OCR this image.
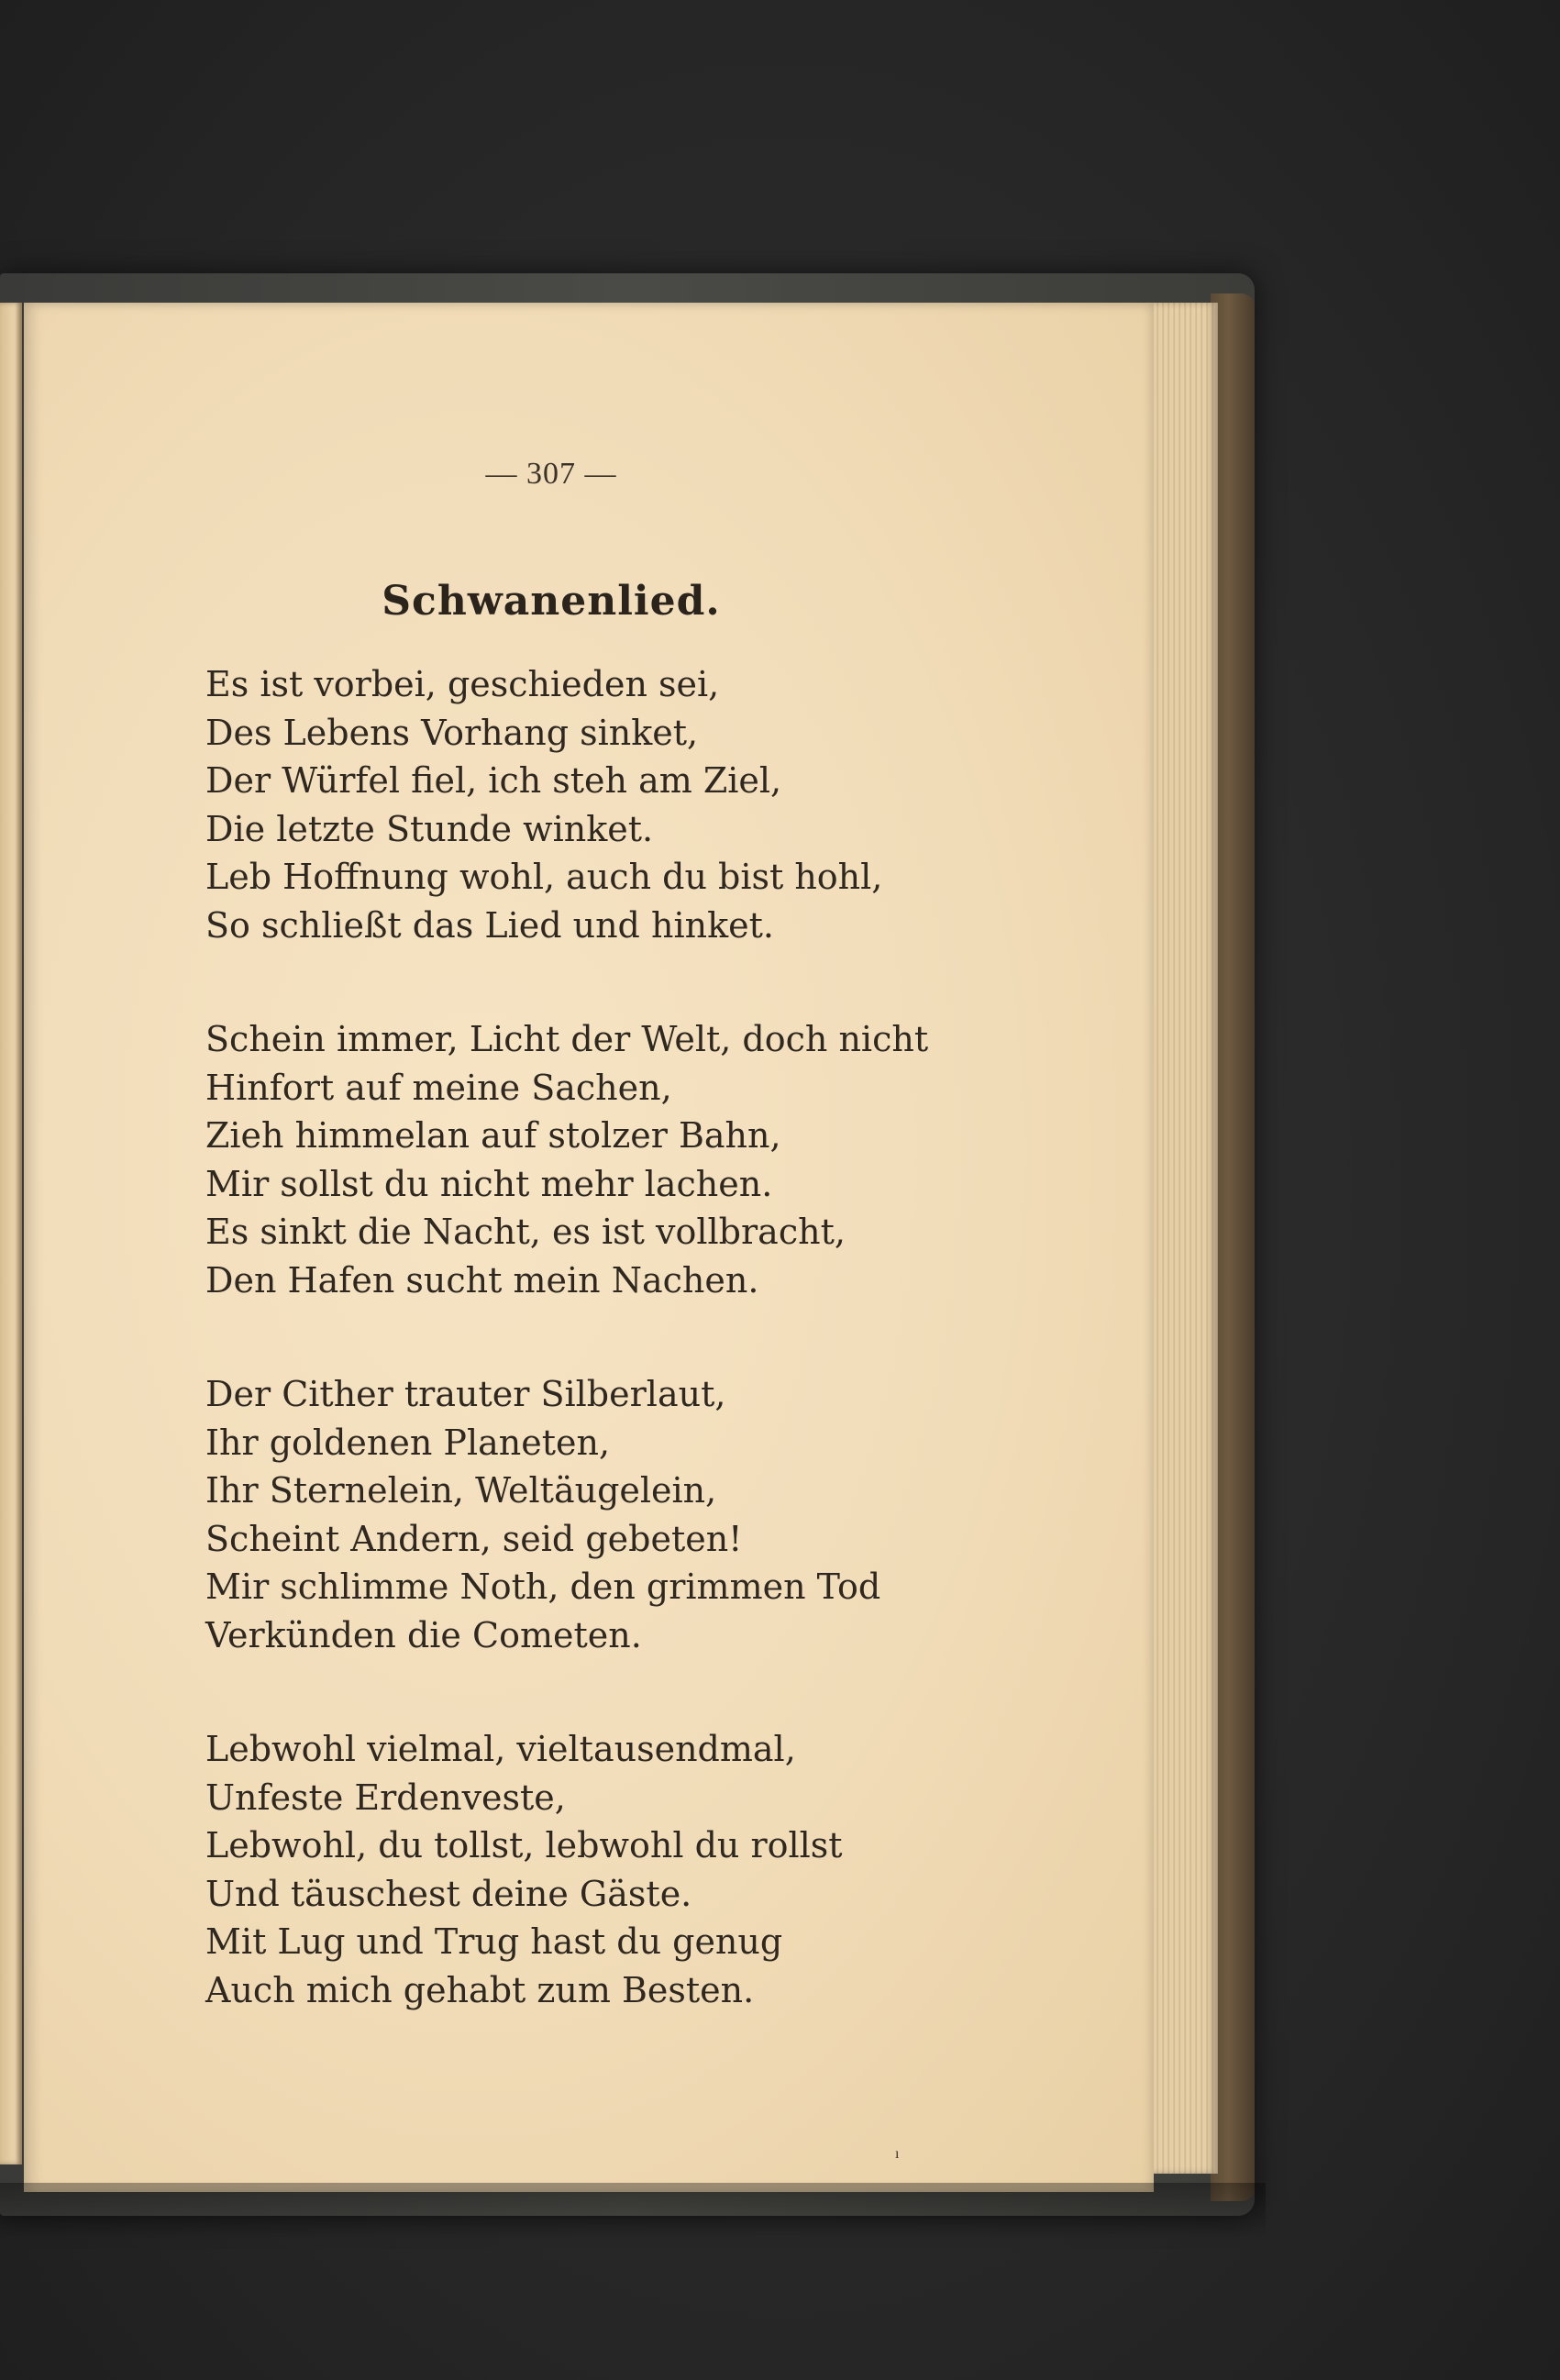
— 307 —
Schwanenlied.
Es ist vorbei, geschieden sei,
Des Lebens Vorhang sinket,
Der Würfel fiel, ich steh am Ziel,
Die letzte Stunde winket.
Leb Hoffnung wohl, auch du bist hohl,
So schließt das Lied und hinket.
Schein immer, Licht der Welt, doch nicht
Hinfort auf meine Sachen,
Zieh himmelan auf stolzer Bahn,
Mir sollst du nicht mehr lachen.
Es sinkt die Nacht, es ist vollbracht,
Den Hafen sucht mein Nachen.
Der Cither trauter Silberlaut,
Ihr goldenen Planeten,
Ihr Sternelein, Weltäugelein,
Scheint Andern, seid gebeten!
Mir schlimme Noth, den grimmen Tod
Verkünden die Cometen.
Lebwohl vielmal, vieltausendmal,
Unfeste Erdenveste,
Lebwohl, du tollst, lebwohl du rollst
Und täuschest deine Gäste.
Mit Lug und Trug hast du genug
Auch mich gehabt zum Besten.
ı
